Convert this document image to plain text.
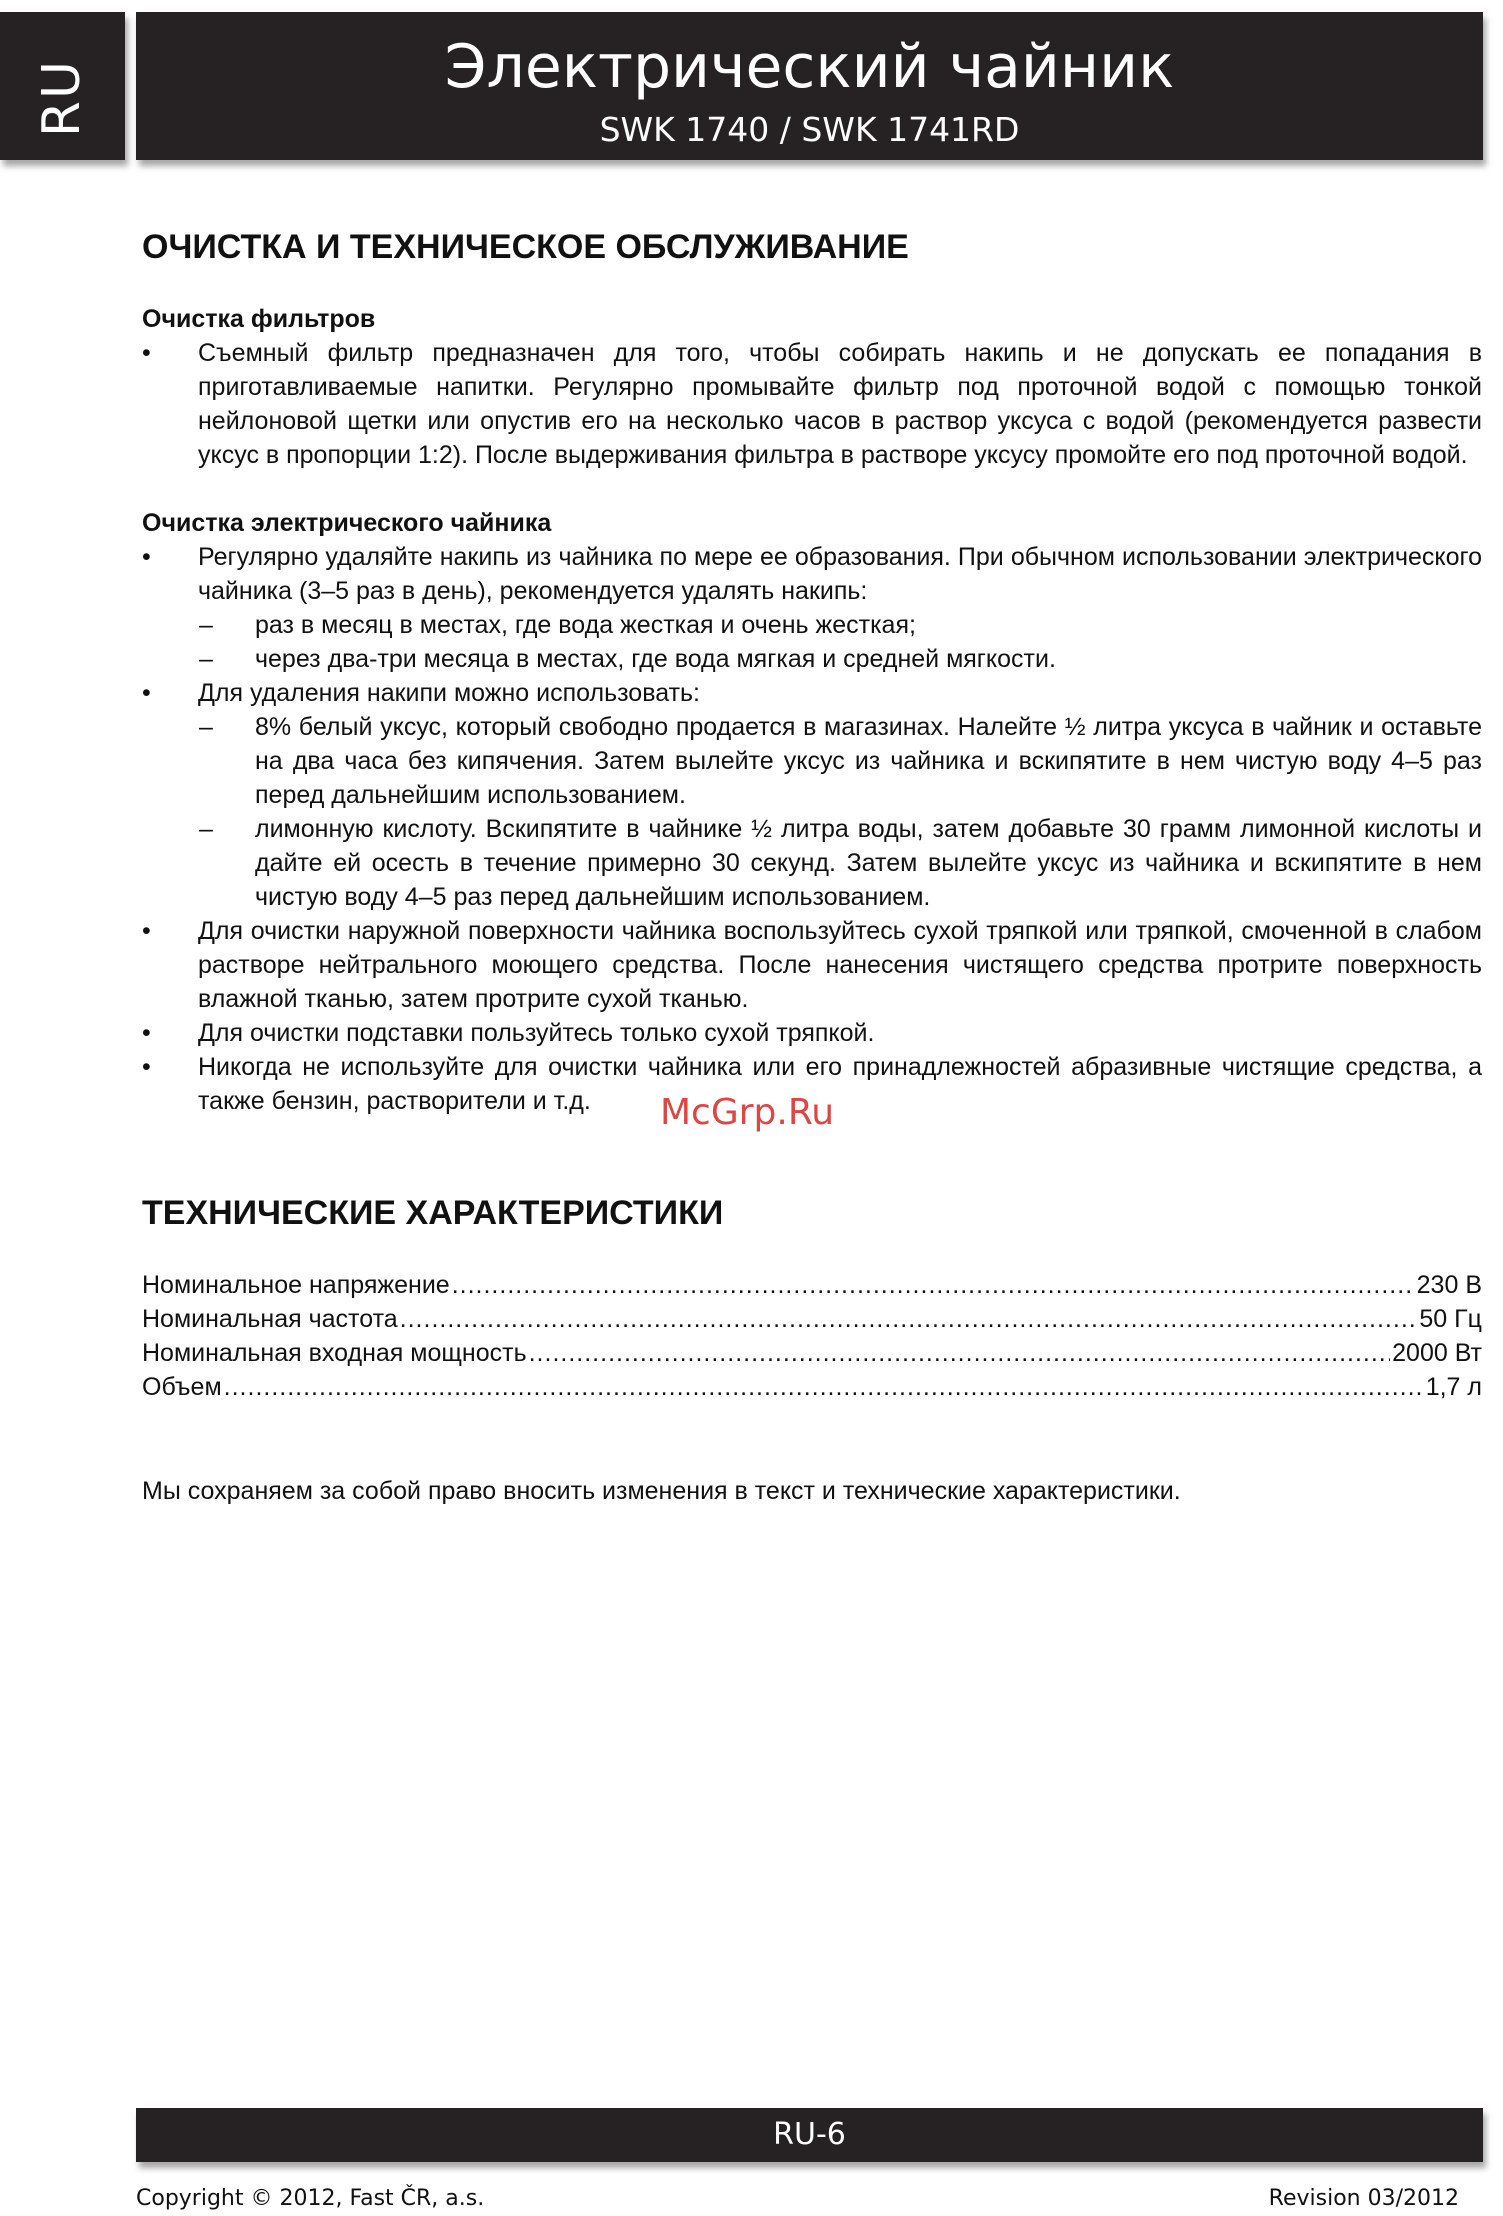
RU	Электрический чайник
SWK 1740 / SWK 1741RD
ОЧИСТКА И ТЕХНИЧЕСКОЕ ОБСЛУЖИВАНИЕ
Очистка фильтров
• Съемный фильтр предназначен для того, чтобы собирать накипь и не допускать ее попадания в приготавливаемые напитки. Регулярно промывайте фильтр под проточной водой с помощью тонкой нейлоновой щетки или опустив его на несколько часов в раствор уксуса с водой (рекомендуется развести уксус в пропорции 1:2). После выдерживания фильтра в растворе уксусу промойте его под проточной водой.
Очистка электрического чайника
• Регулярно удаляйте накипь из чайника по мере ее образования. При обычном использовании электрического чайника (3–5 раз в день), рекомендуется удалять накипь:
– раз в месяц в местах, где вода жесткая и очень жесткая;
– через два-три месяца в местах, где вода мягкая и средней мягкости.
• Для удаления накипи можно использовать:
– 8% белый уксус, который свободно продается в магазинах. Налейте ½ литра уксуса в чайник и оставьте на два часа без кипячения. Затем вылейте уксус из чайника и вскипятите в нем чистую воду 4–5 раз перед дальнейшим использованием.
– лимонную кислоту. Вскипятите в чайнике ½ литра воды, затем добавьте 30 грамм лимонной кислоты и дайте ей осесть в течение примерно 30 секунд. Затем вылейте уксус из чайника и вскипятите в нем чистую воду 4–5 раз перед дальнейшим использованием.
• Для очистки наружной поверхности чайника воспользуйтесь сухой тряпкой или тряпкой, смоченной в слабом растворе нейтрального моющего средства. После нанесения чистящего средства протрите поверхность влажной тканью, затем протрите сухой тканью.
• Для очистки подставки пользуйтесь только сухой тряпкой.
• Никогда не используйте для очистки чайника или его принадлежностей абразивные чистящие средства, а также бензин, растворители и т.д.
ТЕХНИЧЕСКИЕ ХАРАКТЕРИСТИКИ
Номинальное напряжение .....	230 В
Номинальная частота .....	50 Гц
Номинальная входная мощность .....	2000 Вт
Объем .....	1,7 л
Мы сохраняем за собой право вносить изменения в текст и технические характеристики.
McGrp.Ru
RU-6
Copyright © 2012, Fast ČR, a.s.	Revision 03/2012
